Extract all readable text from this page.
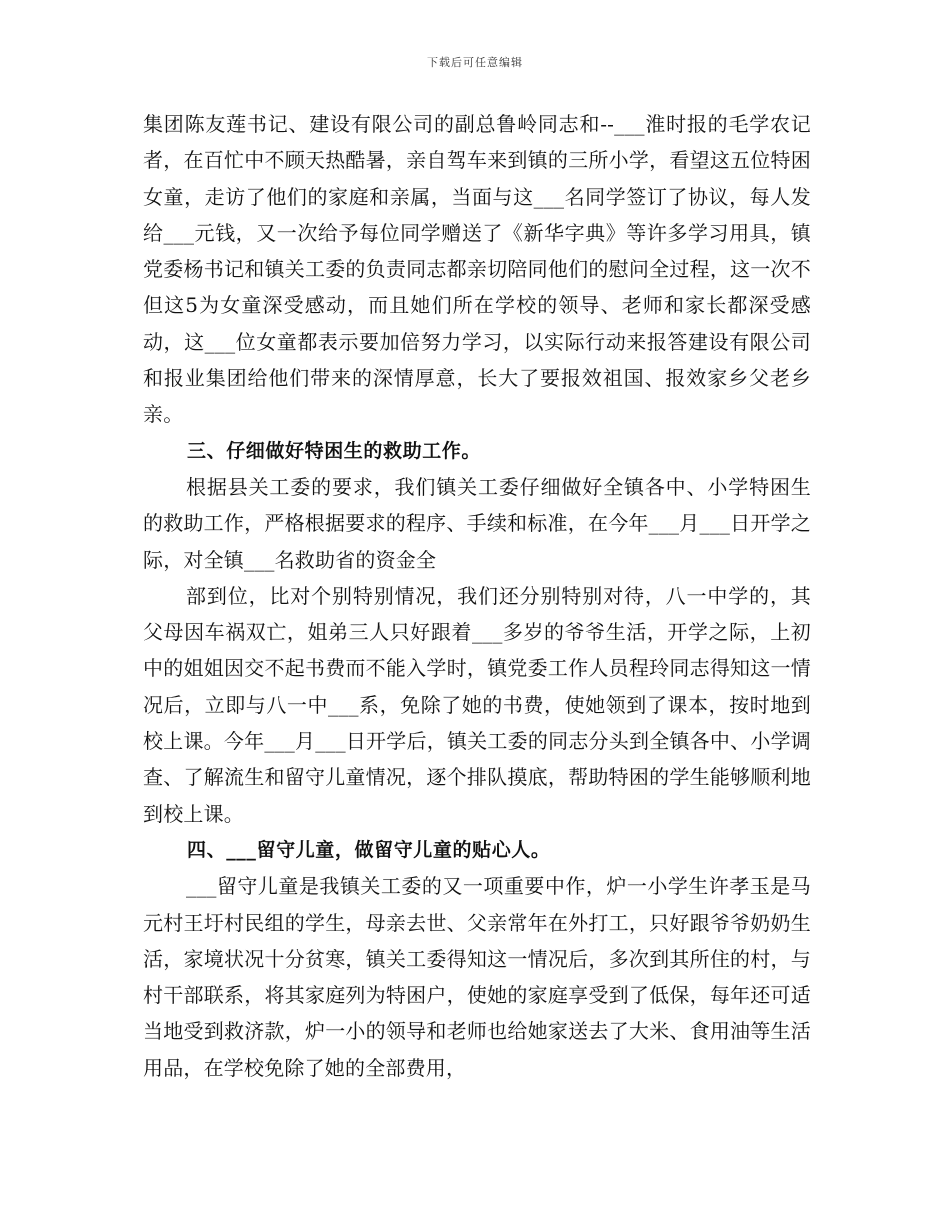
下载后可任意编辑

集团陈友莲书记、建设有限公司的副总鲁岭同志和--___淮时报的毛学农记者，在百忙中不顾天热酷暑，亲自驾车来到镇的三所小学，看望这五位特困女童，走访了他们的家庭和亲属，当面与这___名同学签订了协议，每人发给___元钱，又一次给予每位同学赠送了《新华字典》等许多学习用具，镇党委杨书记和镇关工委的负责同志都亲切陪同他们的慰问全过程，这一次不但这5为女童深受感动，而且她们所在学校的领导、老师和家长都深受感动，这___位女童都表示要加倍努力学习，以实际行动来报答建设有限公司和报业集团给他们带来的深情厚意，长大了要报效祖国、报效家乡父老乡亲。

三、仔细做好特困生的救助工作。

根据县关工委的要求，我们镇关工委仔细做好全镇各中、小学特困生的救助工作，严格根据要求的程序、手续和标准，在今年___月___日开学之际，对全镇___名救助省的资金全

部到位，比对个别特别情况，我们还分别特别对待，八一中学的，其父母因车祸双亡，姐弟三人只好跟着___多岁的爷爷生活，开学之际，上初中的姐姐因交不起书费而不能入学时，镇党委工作人员程玲同志得知这一情况后，立即与八一中___系，免除了她的书费，使她领到了课本，按时地到校上课。今年___月___日开学后，镇关工委的同志分头到全镇各中、小学调查、了解流生和留守儿童情况，逐个排队摸底，帮助特困的学生能够顺利地到校上课。

四、___留守儿童，做留守儿童的贴心人。

___留守儿童是我镇关工委的又一项重要中作，炉一小学生许孝玉是马元村王圩村民组的学生，母亲去世、父亲常年在外打工，只好跟爷爷奶奶生活，家境状况十分贫寒，镇关工委得知这一情况后，多次到其所住的村，与村干部联系，将其家庭列为特困户，使她的家庭享受到了低保，每年还可适当地受到救济款，炉一小的领导和老师也给她家送去了大米、食用油等生活用品，在学校免除了她的全部费用，
